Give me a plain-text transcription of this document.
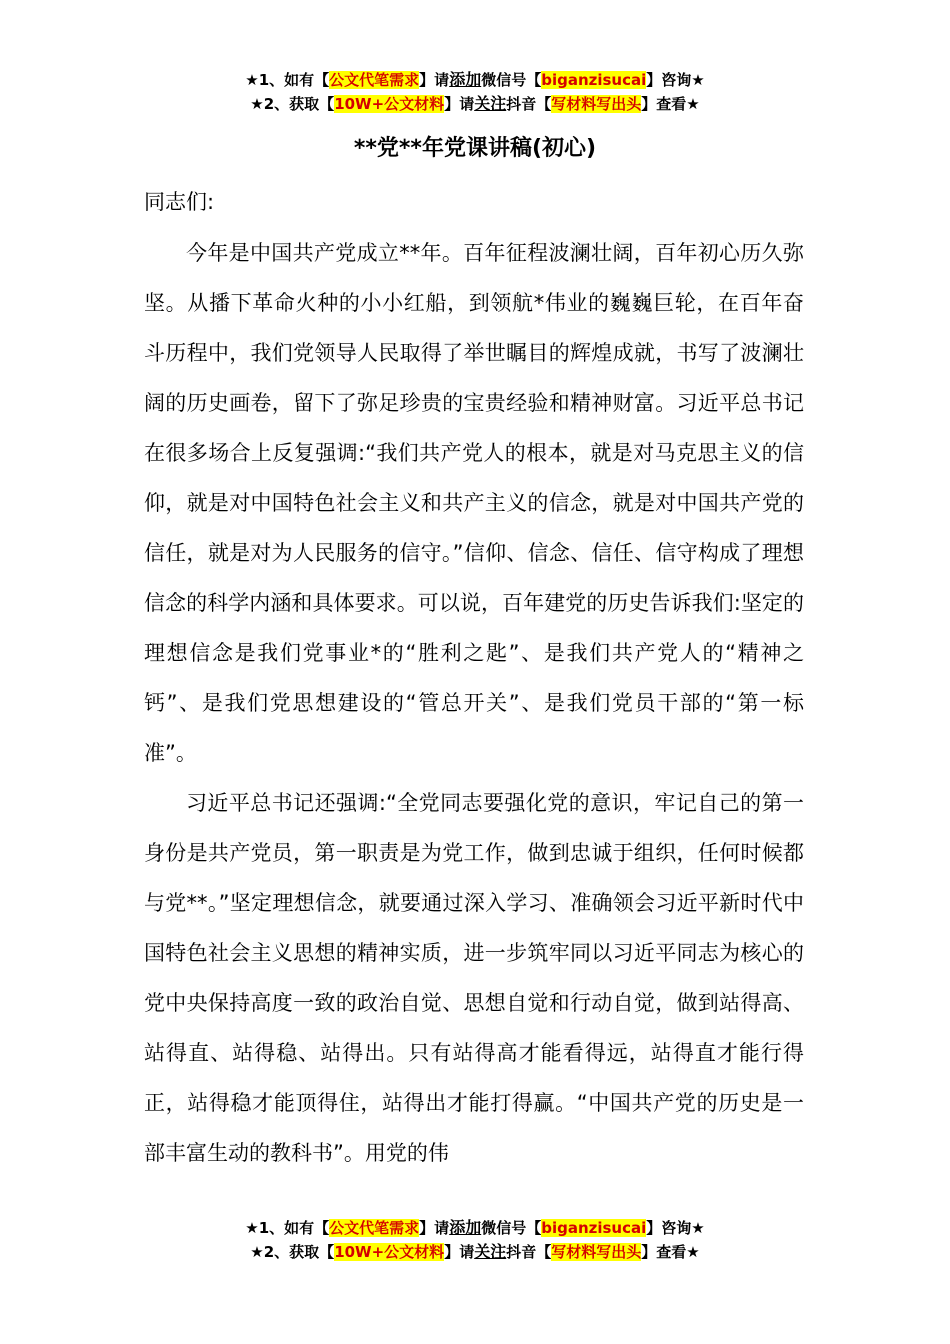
★1、如有【公文代笔需求】请添加微信号【biganzisucai】咨询★
★2、获取【10W+公文材料】请关注抖音【写材料写出头】查看★
**党**年党课讲稿(初心)
同志们:

今年是中国共产党成立**年。百年征程波澜壮阔，百年初心历久弥坚。从播下革命火种的小小红船，到领航*伟业的巍巍巨轮，在百年奋斗历程中，我们党领导人民取得了举世瞩目的辉煌成就，书写了波澜壮阔的历史画卷，留下了弥足珍贵的宝贵经验和精神财富。习近平总书记在很多场合上反复强调:“我们共产党人的根本，就是对马克思主义的信仰，就是对中国特色社会主义和共产主义的信念，就是对中国共产党的信任，就是对为人民服务的信守。”信仰、信念、信任、信守构成了理想信念的科学内涵和具体要求。可以说，百年建党的历史告诉我们:坚定的理想信念是我们党事业*的“胜利之匙”、是我们共产党人的“精神之钙”、是我们党思想建设的“管总开关”、是我们党员干部的“第一标准”。

习近平总书记还强调:“全党同志要强化党的意识，牢记自己的第一身份是共产党员，第一职责是为党工作，做到忠诚于组织，任何时候都与党**。”坚定理想信念，就要通过深入学习、准确领会习近平新时代中国特色社会主义思想的精神实质，进一步筑牢同以习近平同志为核心的党中央保持高度一致的政治自觉、思想自觉和行动自觉，做到站得高、站得直、站得稳、站得出。只有站得高才能看得远，站得直才能行得正，站得稳才能顶得住，站得出才能打得赢。“中国共产党的历史是一部丰富生动的教科书”。用党的伟

★1、如有【公文代笔需求】请添加微信号【biganzisucai】咨询★
★2、获取【10W+公文材料】请关注抖音【写材料写出头】查看★
